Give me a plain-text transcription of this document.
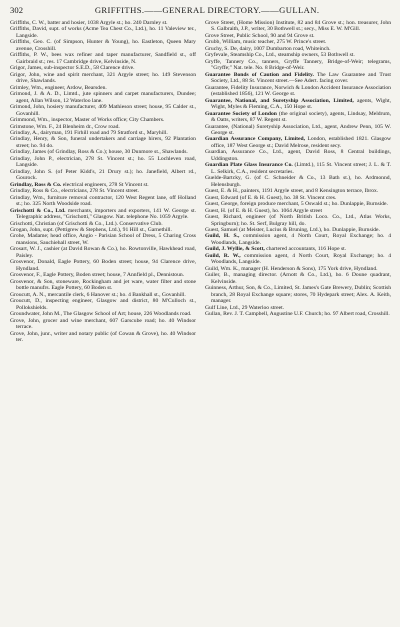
302	GRIFFITHS.——GENERAL DIRECTORY.——GULLAN.

Griffiths, C. W., batter and hosier, 1038 Argyle st.; ho. 240 Darnley st.

Griffiths, David, supt. of works (Acme Tea Chest Co., Ltd.), ho. 11 Valeview ter., Langside.

Griffiths, Geo. C. (of Simpson, Hunter & Young), ho. Eastleton, Queen Mary avenue, Crosshill.

Griffiths, P. W., bees wax refiner and taper manufacturer, Sandfield st., off Gairbraid st.; res. 17 Cambridge drive, Kelvinside, N.

Grigor, James, sub-inspector S.E.D., 58 Clarence drive.

Grigor, John, wine and spirit merchant, 321 Argyle street; ho. 149 Stevenson drive, Shawlands.

Grimley, Wm., engineer, Ardow, Bearsden.

Grimond, J. & A. D., Limtd., jute spinners and carpet manufacturers, Dundee; agent, Allan Wilson, 12 Waterloo lane.

Grimond, John, hosiery manufacturer, 409 Mathieson street; house, 95 Calder st., Govanhill.

Grimmond, Wm., inspector, Master of Works office; City Chambers.

Grimstone, Wm. F., 24 Blenheim dr., Crow road.

Grindlay, A., dairyman, 191 Firhill road and 79 Stratford st., Maryhill.

Grindlay, Henry, & Son, funeral undertakers and carriage hirers, 92 Plantation street; ho. 94 do.

Grindlay, James (of Grindlay, Ross & Co.); house, 30 Dunmore st., Shawlands.

Grindlay, John P., electrician, 278 St. Vincent st.; ho. 55 Lochleven road, Langside.

Grindlay, John S. (of Peter Kidd's, 21 Drury st.); ho. Janefield, Albert rd., Gourock.

Grindlay, Ross & Co. electrical engineers, 278 St Vincent st.

Grindlay, Ross & Co., electricians, 278 St. Vincent street.

Grindlay, Wm., furniture removal contractor, 120 West Regent lane, off Holland st.; ho. 325 North Woodside road.

Grischotti & Co., Ltd. merchants, importers and exporters, 141 W. George st. Telegraphic address, "Grischotti," Glasgow. Nat. telephone No. 1059 Argyle.

Grischotti, Christian (of Grischotti & Co., Ltd.). Conservative Club.

Grogan, John, supt. (Pettigrew & Stephens, Ltd.), 91 Hill st., Garnethill.

Grohe, Madame; head office, Angio - Parisian School of Dress, 5 Charing Cross mansions, Sauchiehall street, W.

Grosart, W. J., cashier (at David Rowan & Co.), ho. Rowtonville, Hawkhead road, Paisley.

Grosvenor, Donald, Eagle Pottery, 60 Boden street; house, 94 Clarence drive, Hyndland.

Grosvenor, F., Eagle Pottery, Boden street; house, 7 Annfield pl., Dennistoun.

Grosvenor, & Son, stoneware, Rockingham and jet ware, water filter and stone bottle manufrs. Eagle Pottery, 60 Boden st.

Groucutt, A. N., mercantile clerk, 6 Hanover st.; ho. 4 Bankhall st., Govanhill.

Groucutt, D., inspecting engineer, Glasgow and district, 80 M'Culloch st., Pollokshields.

Groundwater, John M., The Glasgow School of Art; house, 226 Woodlands road.

Grove, John, grocer and wine merchant, 607 Garscube road; ho. 40 Windsor terrace.

Grove, John, junr., writer and notary public (of Cowan & Grove), ho. 40 Windsor ter.

Grove Street, (Home Mission) Institute, 82 and 84 Grove st.; hon. treasurer, John S. Galbraith, J.P., writer, 30 Bothwell st.; secy., Miss E. W. M'Gill.

Grove Street, Public School, 90 and 94 Grove st.

Grubb, William, music teacher, 275 W. Prince's street.

Gruchy, S. De, dairy, 1007 Dumbarton road, Whiteinch.

Gryfevale, Steamship Co., Ltd., steamship owners, 53 Bothwell st.

Gryffe, Tannery Co., tanners, Gryffe Tannery, Bridge-of-Weir; telegrams, "Gryffe;" Nat. tele. No. 8 Bridge-of-Weir.

Guarantee Bonds of Caution and Fidelity. The Law Guarantee and Trust Society, Ltd., 88 St. Vincent street.—See Adert. facing cover.

Guarantee, Fidelity Insurance, Norwich & London Accident Insurance Association (established 1856), 121 W. George st.

Guarantee, National, and Suretyship Association, Limited, agents, Wight, Wight, Myles & Fleming, C.A., 150 Hope st.

Guarantee Society of London (the original society), agents, Lindsay, Meldrum, & Oatts, writers, 87 W. Regent st.

Guarantee, (National) Suretyship Association, Ltd., agent, Andrew Penn, 105 W. George st.

Guardian Assurance Company, Limited, London, established 1821. Glasgow office, 187 West George st.; David Melrose, resident secy.

Guardian, Assurance Co., Ltd., agent, David Ross, 8 Central buildings, Uddingston.

Guardian Plate Glass Insurance Co. (Limtd.), 115 St. Vincent street; J. L. & T. L. Selkirk, C.A., resident secretaries.

Guelde-Bartcky, G. (of C. Schneider & Co., 13 Bath st.), ho. Ardmonnd, Helensburgh.

Guest, E. & H., painters, 1191 Argyle street, and 8 Kensington terrace, Ibrox.

Guest, Edward (of E. & H. Guest), ho. 38 St. Vincent cres.

Guest, George, foreign produce merchant, 5 Oswald st.; ho. Dunlappie, Burnside.

Guest, H. (of E. & H. Guest), ho. 1064 Argyle street

Guest, Richard, engineer (of North British Loco. Co., Ltd., Atlas Works, Springburn); ho. St. Serf, Bulgray hill, do.

Guest, Samuel (at Meister, Lucius & Bruning, Ltd.), ho. Dunlappie, Burnside.

Guild, H. S., commission agent, 4 North Court, Royal Exchange; ho. 4 Woodlands, Langside.

Guild, J. Wyllie, & Scott, chartered accountants, 116 Hope st.

Guild, R. W., commission agent, 4 North Court, Royal Exchange; ho. 4 Woodlands, Langside.

Guild, Wm. K., manager (H. Henderson & Sons), 175 York drive, Hyndland.

Guiler, B., managing director. (Arnott & Co., Ltd.), ho. 6 Doune quadrant, Kelvinside.

Guinness, Arthur, Son, & Co., Limited, St. James's Gate Brewery, Dublin; Scottish branch, 28 Royal Exchange square; stores, 70 Hydepark street; Alex. A. Keith, manager.

Gulf Line, Ltd., 29 Waterloo street.

Gullan, Rev. J. T. Campbell, Augustine U.F. Church; ho. 97 Albert road, Crosshill.
